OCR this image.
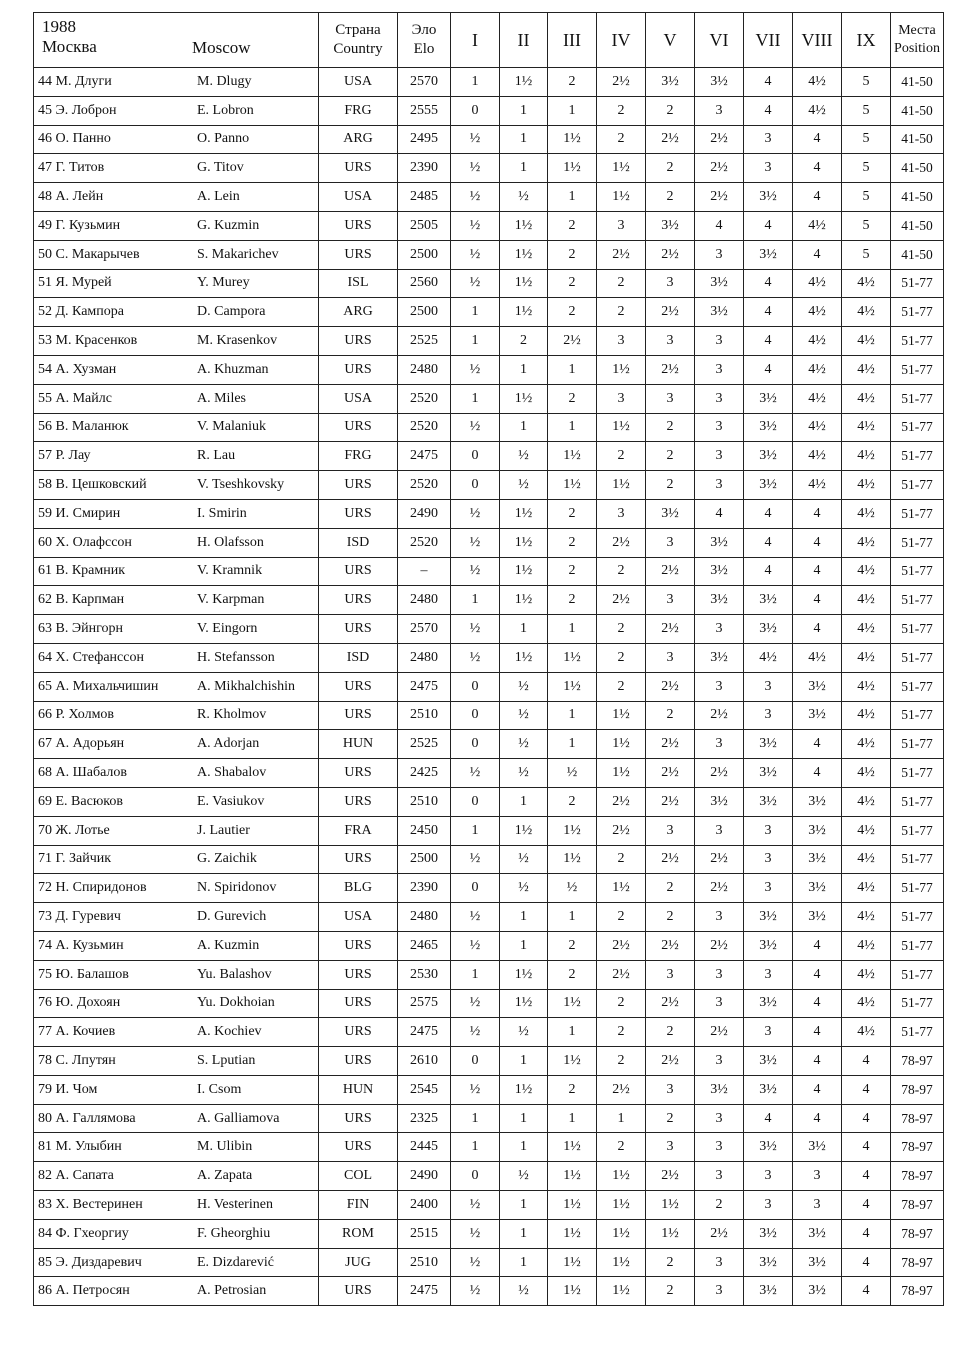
1988
Москва	Moscow

Страна
Country

Эло
Elo	I	II	III	IV	V	VI	VII	VIII	IX	Места
Position

44 М. Длуги M. Dlugy	USA	2570	1	1½	2	2½	3½	3½	4	4½	5	41-50

45 Э. Лоброн E. Lobron	FRG	2555	0	1	1	2	2	3	4	4½	5	41-50

46 О. Панно O. Panno	ARG	2495	½	1	1½	2	2½	2½	3	4	5	41-50

47 Г. Титов G. Titov	URS	2390	½	1	1½	1½	2	2½	3	4	5	41-50

48 А. Лейн A. Lein	USA	2485	½	½	1	1½	2	2½	3½	4	5	41-50

49 Г. Кузьмин G. Kuzmin	URS	2505	½	1½	2	3	3½	4	4	4½	5	41-50

50 С. Макарычев S. Makarichev	URS	2500	½	1½	2	2½	2½	3	3½	4	5	41-50

51 Я. Мурей Y. Murey	ISL	2560	½	1½	2	2	3	3½	4	4½	4½	51-77

52 Д. Кампора D. Campora	ARG	2500	1	1½	2	2	2½	3½	4	4½	4½	51-77

53 М. Красенков M. Krasenkov	URS	2525	1	2	2½	3	3	3	4	4½	4½	51-77

54 А. Хузман A. Khuzman	URS	2480	½	1	1	1½	2½	3	4	4½	4½	51-77

55 А. Майлс A. Miles	USA	2520	1	1½	2	3	3	3	3½	4½	4½	51-77

56 В. Маланюк V. Malaniuk	URS	2520	½	1	1	1½	2	3	3½	4½	4½	51-77

57 Р. Лау R. Lau	FRG	2475	0	½	1½	2	2	3	3½	4½	4½	51-77

58 В. Цешковский V. Tseshkovsky	URS	2520	0	½	1½	1½	2	3	3½	4½	4½	51-77

59 И. Смирин I. Smirin	URS	2490	½	1½	2	3	3½	4	4	4	4½	51-77

60 Х. Олафссон H. Olafsson	ISD	2520	½	1½	2	2½	3	3½	4	4	4½	51-77

61 В. Крамник V. Kramnik	URS	–	½	1½	2	2	2½	3½	4	4	4½	51-77

62 В. Карпман V. Karpman	URS	2480	1	1½	2	2½	3	3½	3½	4	4½	51-77

63 В. Эйнгорн V. Eingorn	URS	2570	½	1	1	2	2½	3	3½	4	4½	51-77

64 Х. Стефанссон H. Stefansson	ISD	2480	½	1½	1½	2	3	3½	4½	4½	4½	51-77

65 А. Михальчишин A. Mikhalchishin	URS	2475	0	½	1½	2	2½	3	3	3½	4½	51-77

66 Р. Холмов R. Kholmov	URS	2510	0	½	1	1½	2	2½	3	3½	4½	51-77

67 А. Адорьян A. Adorjan	HUN	2525	0	½	1	1½	2½	3	3½	4	4½	51-77

68 А. Шабалов A. Shabalov	URS	2425	½	½	½	1½	2½	2½	3½	4	4½	51-77

69 Е. Васюков E. Vasiukov	URS	2510	0	1	2	2½	2½	3½	3½	3½	4½	51-77

70 Ж. Лотье J. Lautier	FRA	2450	1	1½	1½	2½	3	3	3	3½	4½	51-77

71 Г. Зайчик G. Zaichik	URS	2500	½	½	1½	2	2½	2½	3	3½	4½	51-77

72 Н. Спиридонов N. Spiridonov	BLG	2390	0	½	½	1½	2	2½	3	3½	4½	51-77

73 Д. Гуревич D. Gurevich	USA	2480	½	1	1	2	2	3	3½	3½	4½	51-77

74 А. Кузьмин A. Kuzmin	URS	2465	½	1	2	2½	2½	2½	3½	4	4½	51-77

75 Ю. Балашов Yu. Balashov	URS	2530	1	1½	2	2½	3	3	3	4	4½	51-77

76 Ю. Дохоян Yu. Dokhoian	URS	2575	½	1½	1½	2	2½	3	3½	4	4½	51-77

77 А. Кочиев A. Kochiev	URS	2475	½	½	1	2	2	2½	3	4	4½	51-77

78 С. Лпутян S. Lputian	URS	2610	0	1	1½	2	2½	3	3½	4	4	78-97

79 И. Чом I. Csom	HUN	2545	½	1½	2	2½	3	3½	3½	4	4	78-97

80 А. Галлямова A. Galliamova	URS	2325	1	1	1	1	2	3	4	4	4	78-97

81 М. Улыбин M. Ulibin	URS	2445	1	1	1½	2	3	3	3½	3½	4	78-97

82 А. Сапата A. Zapata	COL	2490	0	½	1½	1½	2½	3	3	3	4	78-97

83 Х. Вестеринен H. Vesterinen	FIN	2400	½	1	1½	1½	1½	2	3	3	4	78-97

84 Ф. Гхеоргиу F. Gheorghiu	ROM	2515	½	1	1½	1½	1½	2½	3½	3½	4	78-97

85 Э. Диздаревич E. Dizdarević	JUG	2510	½	1	1½	1½	2	3	3½	3½	4	78-97

86 А. Петросян A. Petrosian	URS	2475	½	½	1½	1½	2	3	3½	3½	4	78-97
